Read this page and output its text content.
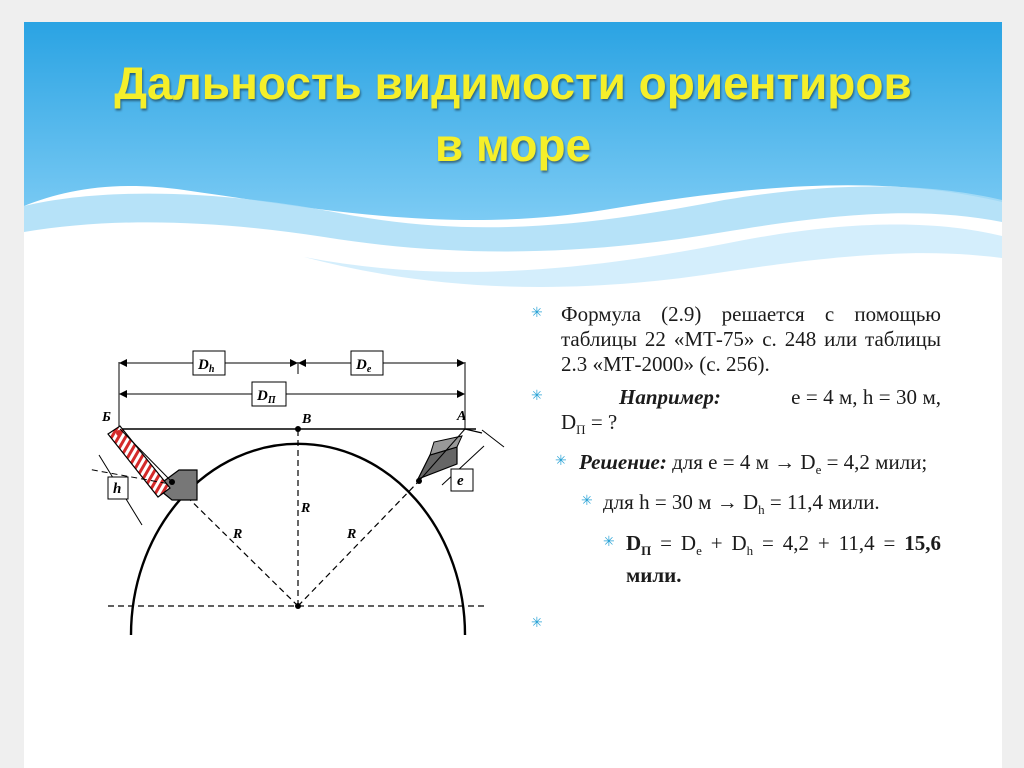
Дальность видимости ориентиров
в море
$D_h$	$D_e$
$D_П$
h
Б
e
A
B
R
R	R

✳ Формула (2.9) решается с помощью таблицы 22 «МТ-75» с. 248 или таблицы 2.3 «МТ-2000» (с. 256).

✳ Например:	e = 4 м, h = 30 м, $D_П$ = ?

✳ Решение: для e = 4 $м \to D_e = 4,2$ мили;

✳ для h = 30 $м \to D_h = 11,4$ мили.

✳ $D_П = D_e + D_h = 4,2 + 11,4 = 15,6$ мили.

✳
